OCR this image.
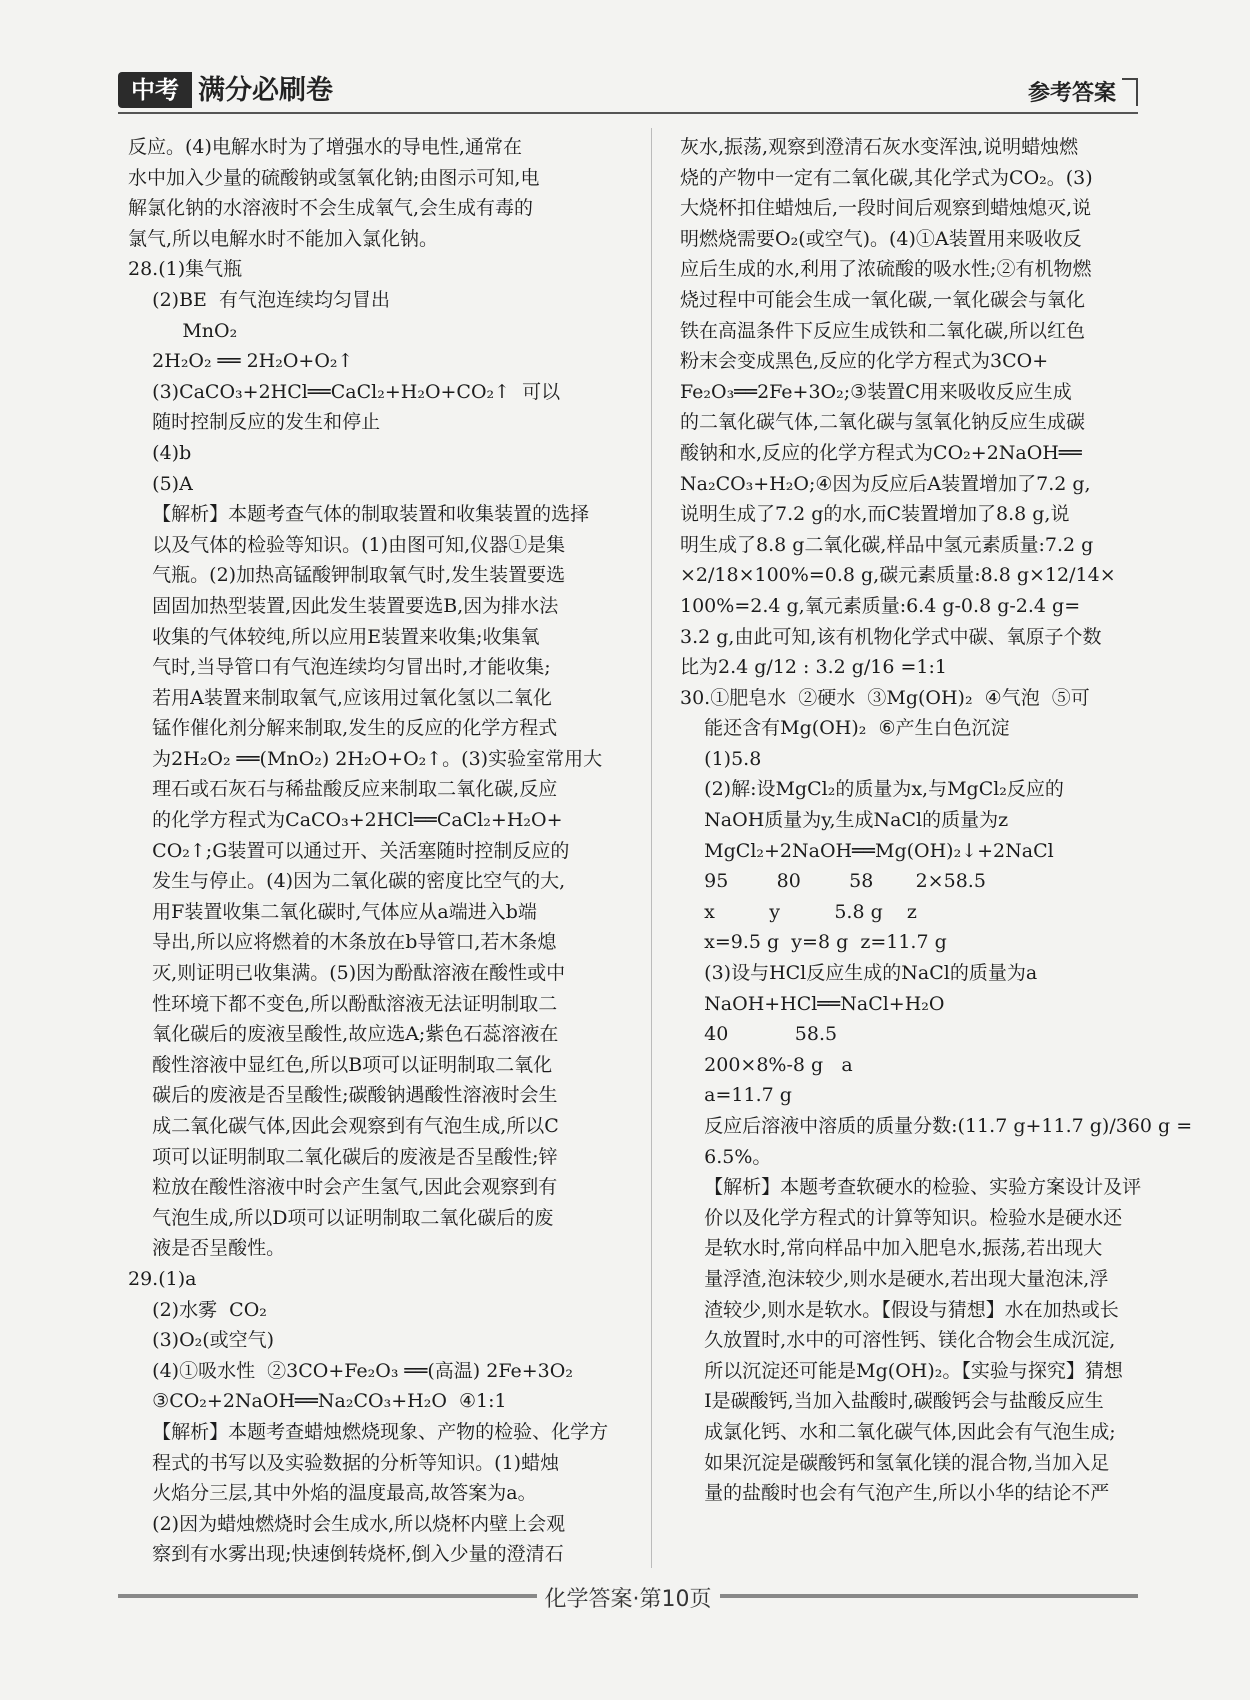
中考 满分必刷卷	参考答案
反应。(4)电解水时为了增强水的导电性,通常在
水中加入少量的硫酸钠或氢氧化钠;由图示可知,电
解氯化钠的水溶液时不会生成氧气,会生成有毒的
氯气,所以电解水时不能加入氯化钠。
28.(1)集气瓶
(2)BE  有气泡连续均匀冒出
MnO₂
2H₂O₂ ══ 2H₂O+O₂↑
(3)CaCO₃+2HCl══CaCl₂+H₂O+CO₂↑  可以
随时控制反应的发生和停止
(4)b
(5)A
【解析】本题考查气体的制取装置和收集装置的选择
以及气体的检验等知识。(1)由图可知,仪器①是集
气瓶。(2)加热高锰酸钾制取氧气时,发生装置要选
固固加热型装置,因此发生装置要选B,因为排水法
收集的气体较纯,所以应用E装置来收集;收集氧
气时,当导管口有气泡连续均匀冒出时,才能收集;
若用A装置来制取氧气,应该用过氧化氢以二氧化
锰作催化剂分解来制取,发生的反应的化学方程式
为2H₂O₂ ══(MnO₂) 2H₂O+O₂↑。(3)实验室常用大
理石或石灰石与稀盐酸反应来制取二氧化碳,反应
的化学方程式为CaCO₃+2HCl══CaCl₂+H₂O+
CO₂↑;G装置可以通过开、关活塞随时控制反应的
发生与停止。(4)因为二氧化碳的密度比空气的大,
用F装置收集二氧化碳时,气体应从a端进入b端
导出,所以应将燃着的木条放在b导管口,若木条熄
灭,则证明已收集满。(5)因为酚酞溶液在酸性或中
性环境下都不变色,所以酚酞溶液无法证明制取二
氧化碳后的废液呈酸性,故应选A;紫色石蕊溶液在
酸性溶液中显红色,所以B项可以证明制取二氧化
碳后的废液是否呈酸性;碳酸钠遇酸性溶液时会生
成二氧化碳气体,因此会观察到有气泡生成,所以C
项可以证明制取二氧化碳后的废液是否呈酸性;锌
粒放在酸性溶液中时会产生氢气,因此会观察到有
气泡生成,所以D项可以证明制取二氧化碳后的废
液是否呈酸性。
29.(1)a
(2)水雾  CO₂
(3)O₂(或空气)
(4)①吸水性  ②3CO+Fe₂O₃ ══(高温) 2Fe+3O₂
③CO₂+2NaOH══Na₂CO₃+H₂O  ④1:1
【解析】本题考查蜡烛燃烧现象、产物的检验、化学方
程式的书写以及实验数据的分析等知识。(1)蜡烛
火焰分三层,其中外焰的温度最高,故答案为a。
(2)因为蜡烛燃烧时会生成水,所以烧杯内壁上会观
察到有水雾出现;快速倒转烧杯,倒入少量的澄清石
灰水,振荡,观察到澄清石灰水变浑浊,说明蜡烛燃
烧的产物中一定有二氧化碳,其化学式为CO₂。(3)
大烧杯扣住蜡烛后,一段时间后观察到蜡烛熄灭,说
明燃烧需要O₂(或空气)。(4)①A装置用来吸收反
应后生成的水,利用了浓硫酸的吸水性;②有机物燃
烧过程中可能会生成一氧化碳,一氧化碳会与氧化
铁在高温条件下反应生成铁和二氧化碳,所以红色
粉末会变成黑色,反应的化学方程式为3CO+
Fe₂O₃══2Fe+3O₂;③装置C用来吸收反应生成
的二氧化碳气体,二氧化碳与氢氧化钠反应生成碳
酸钠和水,反应的化学方程式为CO₂+2NaOH══
Na₂CO₃+H₂O;④因为反应后A装置增加了7.2 g,
说明生成了7.2 g的水,而C装置增加了8.8 g,说
明生成了8.8 g二氧化碳,样品中氢元素质量:7.2 g
×2/18×100%=0.8 g,碳元素质量:8.8 g×12/14×
100%=2.4 g,氧元素质量:6.4 g-0.8 g-2.4 g=
3.2 g,由此可知,该有机物化学式中碳、氧原子个数
比为2.4 g/12 : 3.2 g/16 =1:1
30.①肥皂水  ②硬水  ③Mg(OH)₂  ④气泡  ⑤可
能还含有Mg(OH)₂  ⑥产生白色沉淀
(1)5.8
(2)解:设MgCl₂的质量为x,与MgCl₂反应的
NaOH质量为y,生成NaCl的质量为z
MgCl₂+2NaOH══Mg(OH)₂↓+2NaCl
95        80        58       2×58.5
x         y         5.8 g    z
x=9.5 g  y=8 g  z=11.7 g
(3)设与HCl反应生成的NaCl的质量为a
NaOH+HCl══NaCl+H₂O
40           58.5
200×8%-8 g   a
a=11.7 g
反应后溶液中溶质的质量分数:(11.7 g+11.7 g)/360 g =
6.5%。
【解析】本题考查软硬水的检验、实验方案设计及评
价以及化学方程式的计算等知识。检验水是硬水还
是软水时,常向样品中加入肥皂水,振荡,若出现大
量浮渣,泡沫较少,则水是硬水,若出现大量泡沫,浮
渣较少,则水是软水。【假设与猜想】水在加热或长
久放置时,水中的可溶性钙、镁化合物会生成沉淀,
所以沉淀还可能是Mg(OH)₂。【实验与探究】猜想
Ⅰ是碳酸钙,当加入盐酸时,碳酸钙会与盐酸反应生
成氯化钙、水和二氧化碳气体,因此会有气泡生成;
如果沉淀是碳酸钙和氢氧化镁的混合物,当加入足
量的盐酸时也会有气泡产生,所以小华的结论不严
化学答案·第10页
